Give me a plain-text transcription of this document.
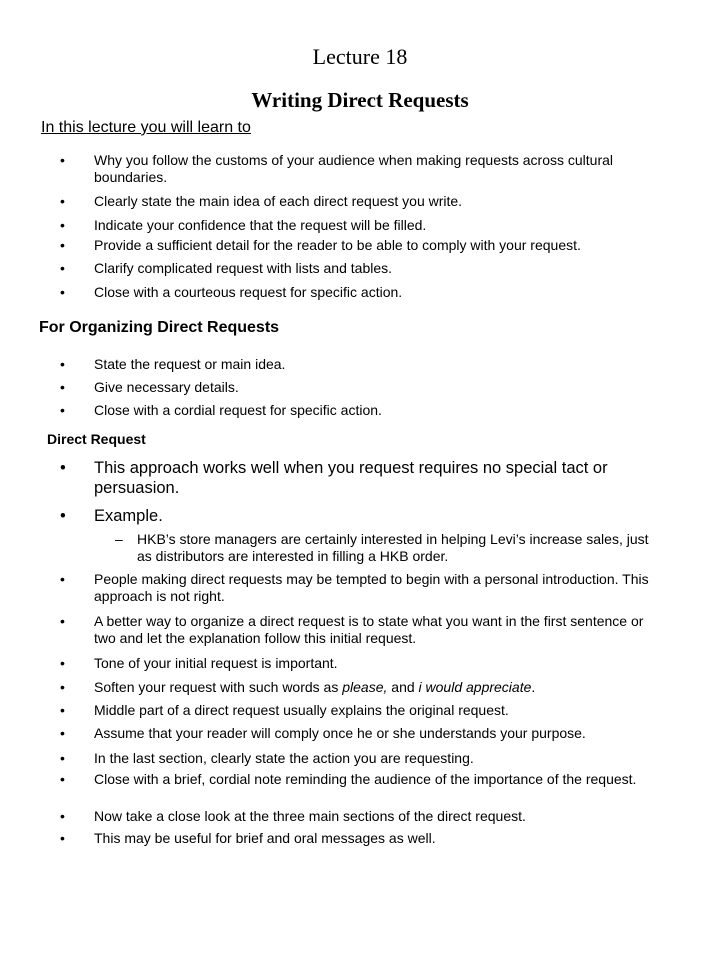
Lecture 18
Writing Direct Requests
In this lecture you will learn to
• Why you follow the customs of your audience when making requests across cultural boundaries.
• Clearly state the main idea of each direct request you write.
• Indicate your confidence that the request will be filled.
• Provide a sufficient detail for the reader to be able to comply with your request.
• Clarify complicated request with lists and tables.
• Close with a courteous request for specific action.
For Organizing Direct Requests
• State the request or main idea.
• Give necessary details.
• Close with a cordial request for specific action.
Direct Request
• This approach works well when you request requires no special tact or persuasion.
• Example.
– HKB’s store managers are certainly interested in helping Levi’s increase sales, just as distributors are interested in filling a HKB order.
• People making direct requests may be tempted to begin with a personal introduction. This approach is not right.
• A better way to organize a direct request is to state what you want in the first sentence or two and let the explanation follow this initial request.
• Tone of your initial request is important.
• Soften your request with such words as please, and i would appreciate.
• Middle part of a direct request usually explains the original request.
• Assume that your reader will comply once he or she understands your purpose.
• In the last section, clearly state the action you are requesting.
• Close with a brief, cordial note reminding the audience of the importance of the request.
• Now take a close look at the three main sections of the direct request.
• This may be useful for brief and oral messages as well.
